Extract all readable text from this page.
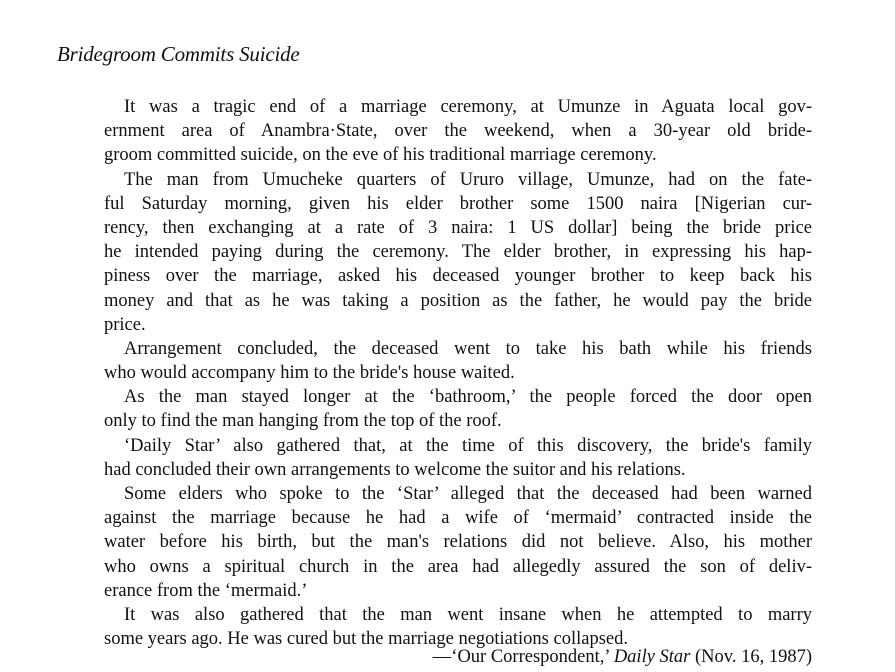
Bridegroom Commits Suicide
It was a tragic end of a marriage ceremony, at Umunze in Aguata local gov-
ernment area of Anambra·State, over the weekend, when a 30-year old bride-
groom committed suicide, on the eve of his traditional marriage ceremony.
The man from Umucheke quarters of Ururo village, Umunze, had on the fate-
ful Saturday morning, given his elder brother some 1500 naira [Nigerian cur-
rency, then exchanging at a rate of 3 naira: 1 US dollar] being the bride price
he intended paying during the ceremony. The elder brother, in expressing his hap-
piness over the marriage, asked his deceased younger brother to keep back his
money and that as he was taking a position as the father, he would pay the bride
price.
Arrangement concluded, the deceased went to take his bath while his friends
who would accompany him to the bride's house waited.
As the man stayed longer at the ‘bathroom,’ the people forced the door open
only to find the man hanging from the top of the roof.
‘Daily Star’ also gathered that, at the time of this discovery, the bride's family
had concluded their own arrangements to welcome the suitor and his relations.
Some elders who spoke to the ‘Star’ alleged that the deceased had been warned
against the marriage because he had a wife of ‘mermaid’ contracted inside the
water before his birth, but the man's relations did not believe. Also, his mother
who owns a spiritual church in the area had allegedly assured the son of deliv-
erance from the ‘mermaid.’
It was also gathered that the man went insane when he attempted to marry
some years ago. He was cured but the marriage negotiations collapsed.
—‘Our Correspondent,’ Daily Star (Nov. 16, 1987)
